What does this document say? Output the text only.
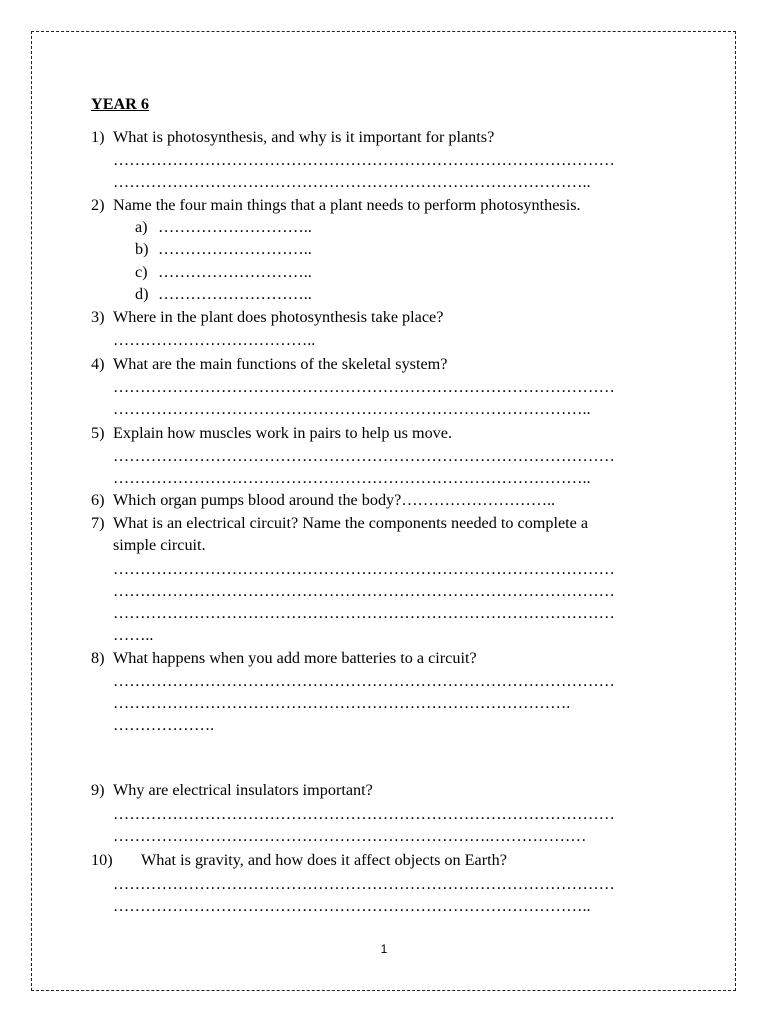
YEAR 6
1) What is photosynthesis, and why is it important for plants?
…………………………………………………………………………………
……………………………………………………………………………..
2) Name the four main things that a plant needs to perform photosynthesis.
a) ………………………..
b) ………………………..
c) ………………………..
d) ………………………..
3) Where in the plant does photosynthesis take place?
………………………………..
4) What are the main functions of the skeletal system?
…………………………………………………………………………………
……………………………………………………………………………..
5) Explain how muscles work in pairs to help us move.
…………………………………………………………………………………
……………………………………………………………………………..
6) Which organ pumps blood around the body?………………………..
7) What is an electrical circuit? Name the components needed to complete a
simple circuit.
…………………………………………………………………………………
…………………………………………………………………………………
…………………………………………………………………………………
……..
8) What happens when you add more batteries to a circuit?
…………………………………………………………………………………
………………………………………………………………………….
……………….
9) Why are electrical insulators important?
…………………………………………………………………………………
…………………………………………………………….………………
10) What is gravity, and how does it affect objects on Earth?
…………………………………………………………………………………
……………………………………………………………………………..
1
